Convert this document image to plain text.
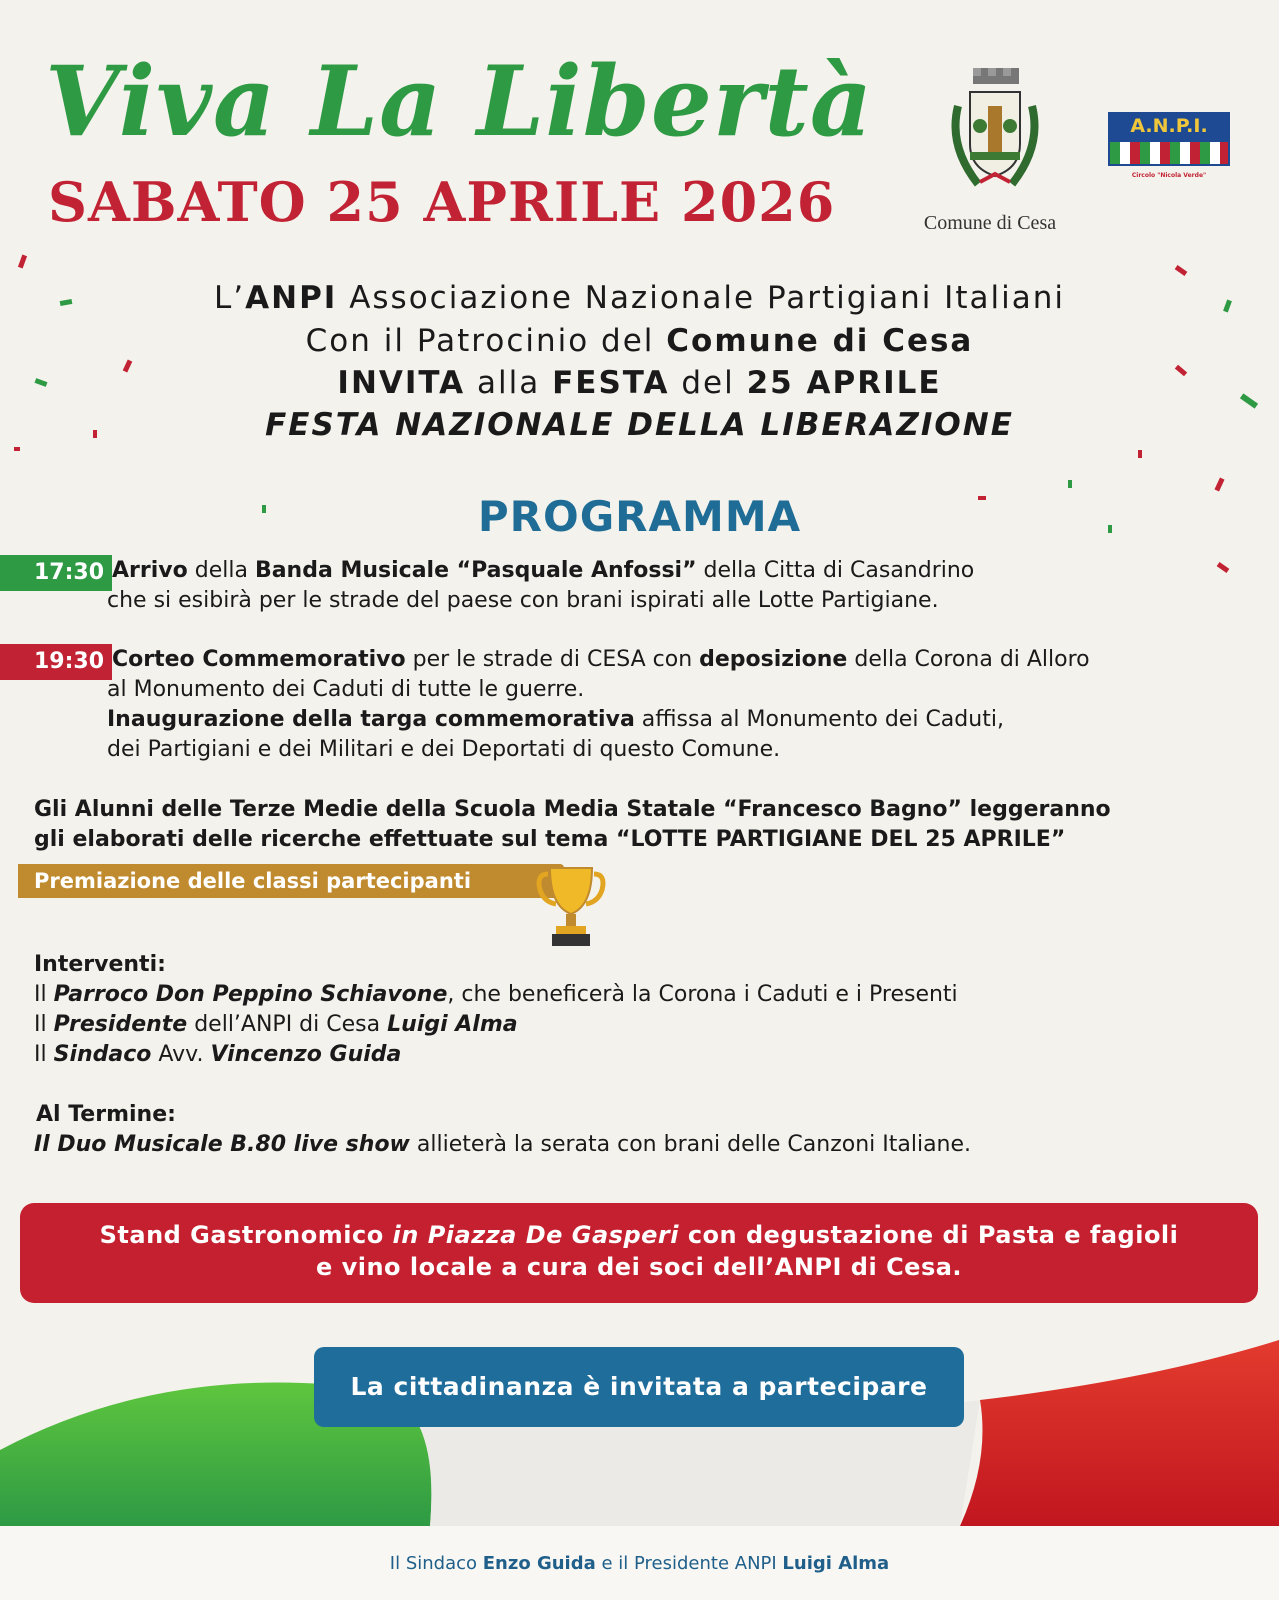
Viva La Libertà
SABATO 25 APRILE 2026	Comune di Cesa
A.N.P.I.
Circolo "Nicola Verde"
L’ANPI Associazione Nazionale Partigiani Italiani
Con il Patrocinio del Comune di Cesa
INVITA alla FESTA del 25 APRILE
FESTA NAZIONALE DELLA LIBERAZIONE
PROGRAMMA
17:30 Arrivo della Banda Musicale “Pasquale Anfossi” della Citta di Casandrino
che si esibirà per le strade del paese con brani ispirati alle Lotte Partigiane.
19:30 Corteo Commemorativo per le strade di CESA con deposizione della Corona di Alloro
al Monumento dei Caduti di tutte le guerre.
Inaugurazione della targa commemorativa affissa al Monumento dei Caduti,
dei Partigiani e dei Militari e dei Deportati di questo Comune.
Gli Alunni delle Terze Medie della Scuola Media Statale “Francesco Bagno” leggeranno
gli elaborati delle ricerche effettuate sul tema “LOTTE PARTIGIANE DEL 25 APRILE”
Premiazione delle classi partecipanti
Interventi:
Il Parroco Don Peppino Schiavone, che beneficerà la Corona i Caduti e i Presenti
Il Presidente dell’ANPI di Cesa Luigi Alma
Il Sindaco Avv. Vincenzo Guida
Al Termine:
Il Duo Musicale B.80 live show allieterà la serata con brani delle Canzoni Italiane.
Stand Gastronomico in Piazza De Gasperi con degustazione di Pasta e fagioli
e vino locale a cura dei soci dell’ANPI di Cesa.
La cittadinanza è invitata a partecipare
Il Sindaco Enzo Guida e il Presidente ANPI Luigi Alma
